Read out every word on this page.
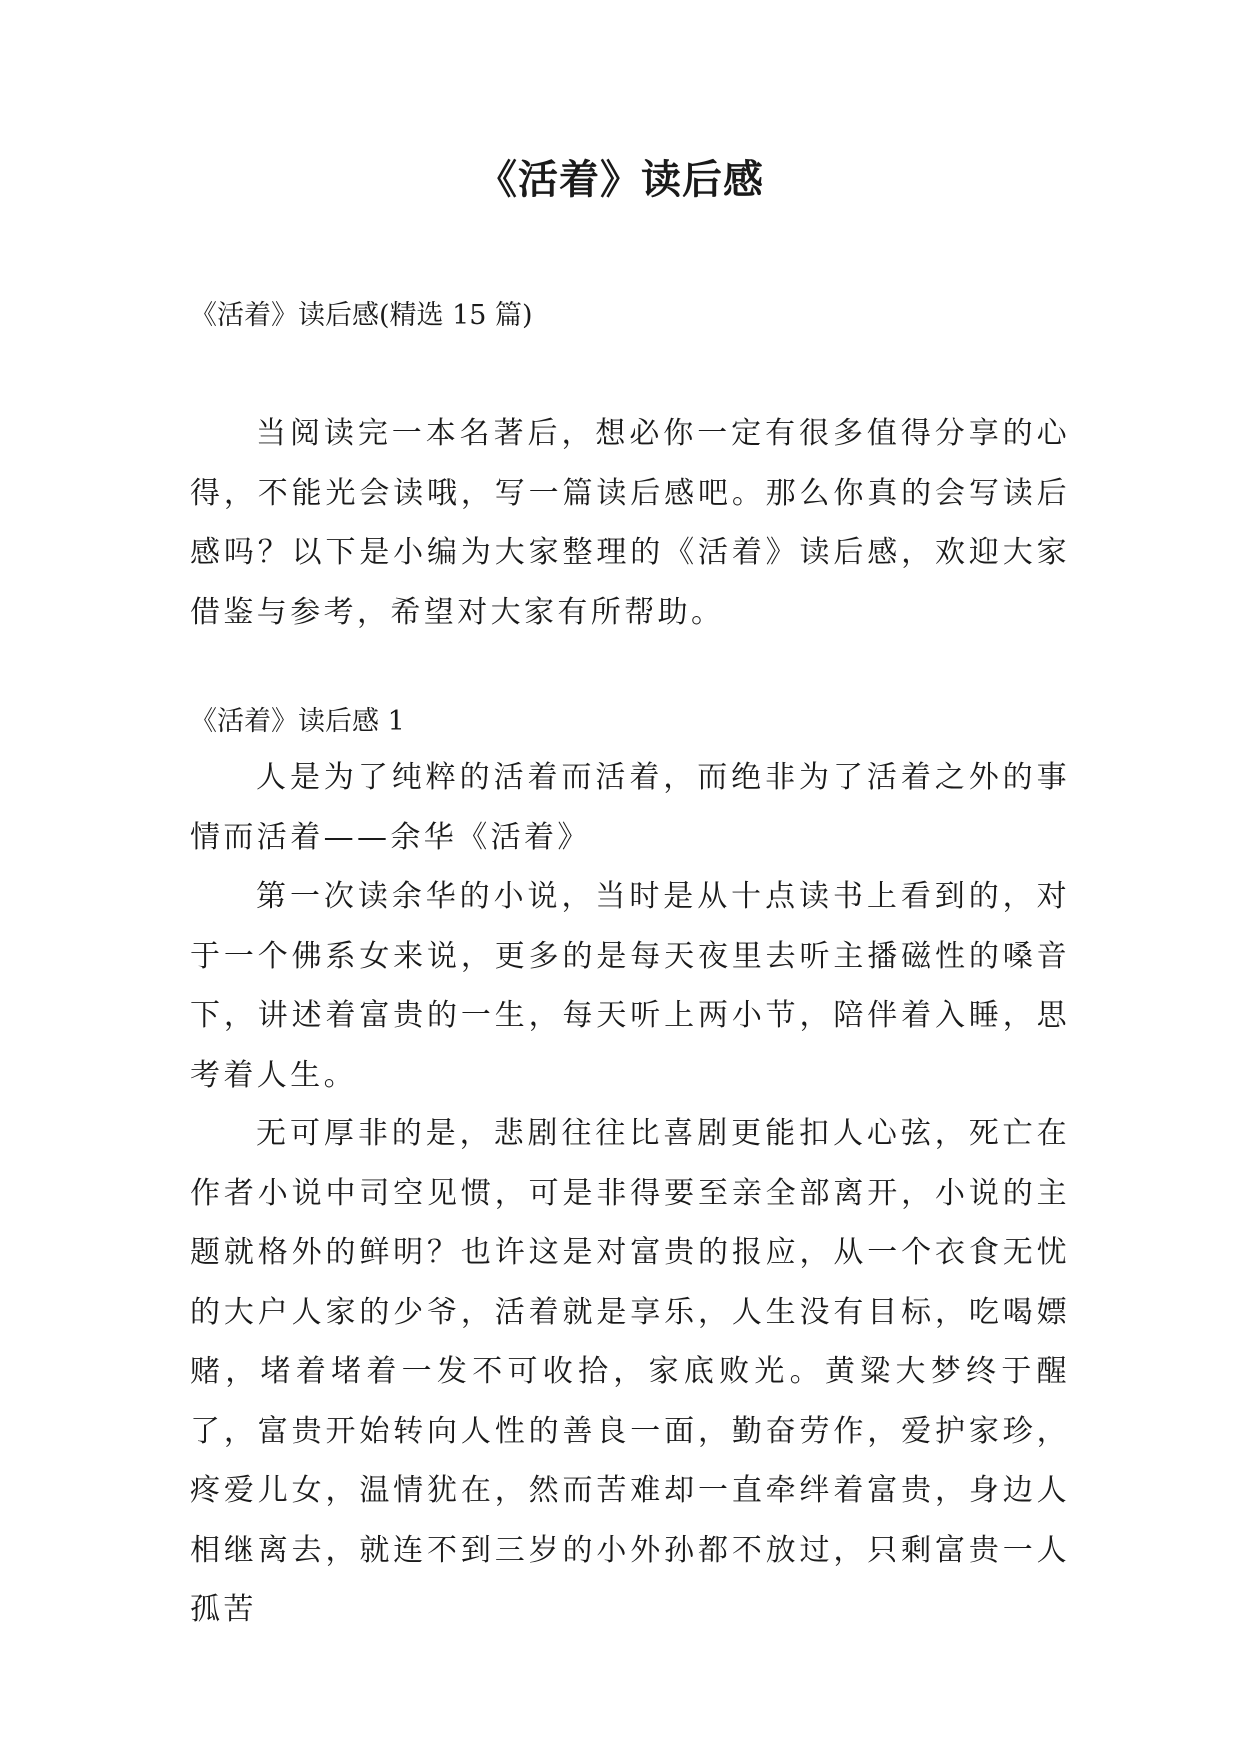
《活着》读后感
《活着》读后感(精选 15 篇)

当阅读完一本名著后，想必你一定有很多值得分享的心得，不能光会读哦，写一篇读后感吧。那么你真的会写读后感吗？以下是小编为大家整理的《活着》读后感，欢迎大家借鉴与参考，希望对大家有所帮助。

《活着》读后感 1

人是为了纯粹的活着而活着，而绝非为了活着之外的事情而活着——余华《活着》

第一次读余华的小说，当时是从十点读书上看到的，对于一个佛系女来说，更多的是每天夜里去听主播磁性的嗓音下，讲述着富贵的一生，每天听上两小节，陪伴着入睡，思考着人生。

无可厚非的是，悲剧往往比喜剧更能扣人心弦，死亡在作者小说中司空见惯，可是非得要至亲全部离开，小说的主题就格外的鲜明？也许这是对富贵的报应，从一个衣食无忧的大户人家的少爷，活着就是享乐，人生没有目标，吃喝嫖赌，堵着堵着一发不可收拾，家底败光。黄粱大梦终于醒了，富贵开始转向人性的善良一面，勤奋劳作，爱护家珍，疼爱儿女，温情犹在，然而苦难却一直牵绊着富贵，身边人相继离去，就连不到三岁的小外孙都不放过，只剩富贵一人孤苦
